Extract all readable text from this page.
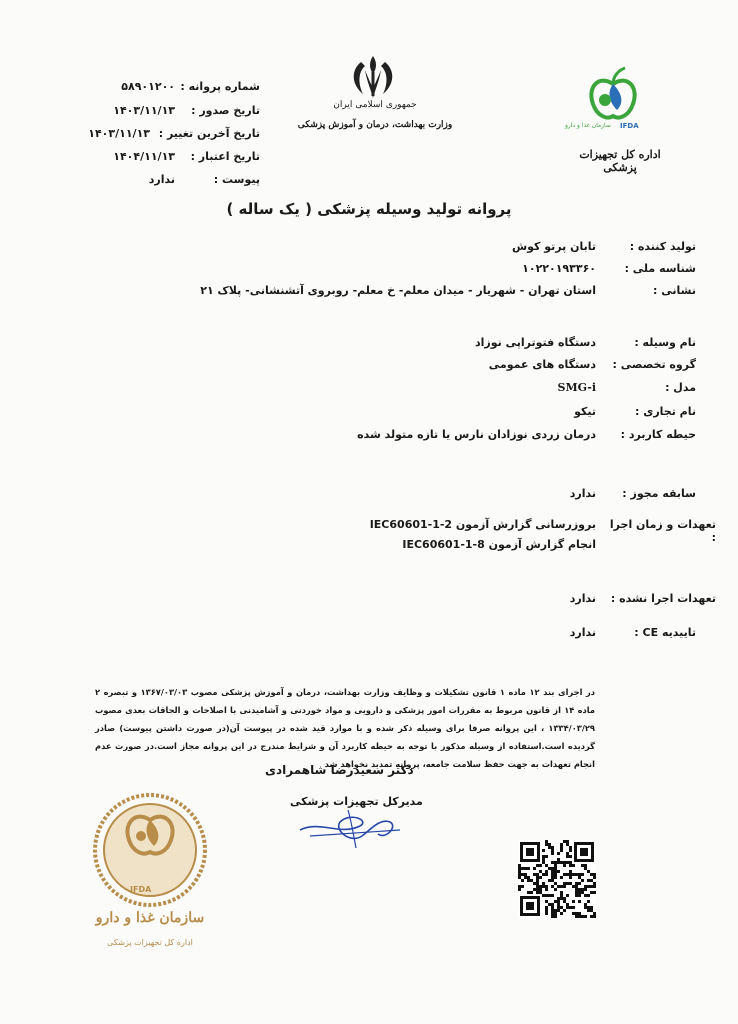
جمهوری اسلامی ایران
وزارت بهداشت، درمان و آموزش پزشکی	IFDA
سازمان غذا و دارو
اداره کل تجهیزات پزشکی
شماره پروانه :
۵۸۹۰۱۲۰۰
تاریخ صدور :
۱۴۰۳/۱۱/۱۳
تاریخ آخرین تغییر :
۱۴۰۳/۱۱/۱۳
تاریخ اعتبار :
۱۴۰۴/۱۱/۱۳
پیوست :
ندارد
پروانه تولید وسیله پزشکی ( یک ساله )
تولید کننده :
تابان پرتو کوش
شناسه ملی :
۱۰۲۲۰۱۹۳۳۶۰
نشانی :
استان تهران - شهریار - میدان معلم- خ معلم- روبروی آتشنشانی- پلاک ۲۱
نام وسیله :
دستگاه فتوتراپی نوزاد
گروه تخصصی :
دستگاه های عمومی
مدل :
SMG-i
نام تجاری :
تیکو
حیطه کاربرد :
درمان زردی نوزادان نارس یا تازه متولد شده
سابقه مجوز :
ندارد
تعهدات و زمان اجرا :
بروزرسانی گزارش آزمون IEC60601-1-2
انجام گزارش آزمون IEC60601-1-8
تعهدات اجرا نشده :
ندارد
تاییدیه CE :
ندارد
در اجرای بند ۱۲ ماده ۱ قانون تشکیلات و وظایف وزارت بهداشت، درمان و آموزش پزشکی مصوب ۱۳۶۷/۰۳/۰۳ و تبصره ۲ ماده ۱۴ از قانون مربوط به مقررات امور پزشکی و دارویی و مواد خوردنی و آشامیدنی با اصلاحات و الحاقات بعدی مصوب ۱۳۳۴/۰۳/۲۹ ، این پروانه صرفا برای وسیله ذکر شده و با موارد قید شده در پیوست آن(در صورت داشتن پیوست) صادر گردیده است.استفاده از وسیله مذکور با توجه به حیطه کاربرد آن و شرایط مندرج در این پروانه مجاز است.در صورت عدم انجام تعهدات به جهت حفظ سلامت جامعه، پروانه تمدید نخواهد شد
دکتر سعیدرضا شاهمرادی
مدیرکل تجهیزات پزشکی
IFDA
سازمان غذا و دارو
اداره کل تجهیزات پزشکی
